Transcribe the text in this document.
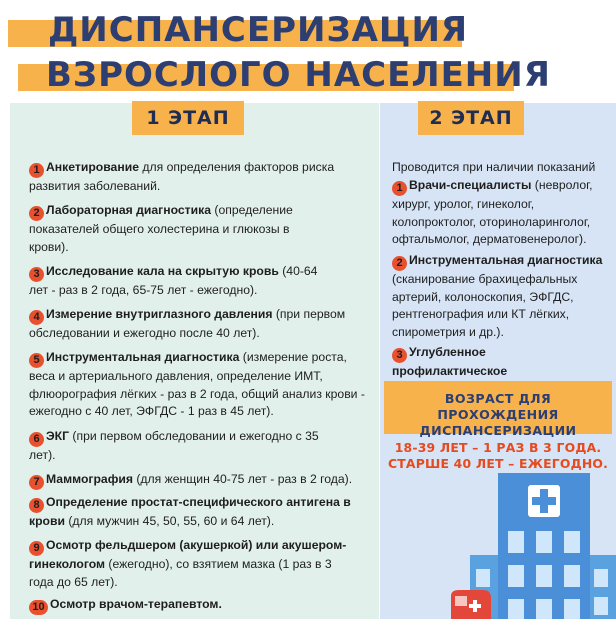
ДИСПАНСЕРИЗАЦИЯ
ВЗРОСЛОГО НАСЕЛЕНИЯ
1 ЭТАП	2 ЭТАП
1 Анкетирование для определения факторов риска развития заболеваний.
2 Лабораторная диагностика (определение показателей общего холестерина и глюкозы в крови).
3 Исследование кала на скрытую кровь (40-64 лет - раз в 2 года, 65-75 лет - ежегодно).
4 Измерение внутриглазного давления (при первом обследовании и ежегодно после 40 лет).
5 Инструментальная диагностика (измерение роста, веса и артериального давления, определение ИМТ, флюорография лёгких - раз в 2 года, общий анализ крови - ежегодно с 40 лет, ЭФГДС - 1 раз в 45 лет).
6 ЭКГ (при первом обследовании и ежегодно с 35 лет).
7 Маммография (для женщин 40-75 лет - раз в 2 года).
8 Определение простат-специфического антигена в крови (для мужчин 45, 50, 55, 60 и 64 лет).
9 Осмотр фельдшером (акушеркой) или акушером-гинекологом (ежегодно), со взятием мазка (1 раз в 3 года до 65 лет).
10 Осмотр врачом-терапевтом.
Проводится при наличии показаний
1 Врачи-специалисты (невролог, хирург, уролог, гинеколог, колопроктолог, оториноларинголог, офтальмолог, дерматовенеролог).
2 Инструментальная диагностика (сканирование брахицефальных артерий, колоноскопия, ЭФГДС, рентгенография или КТ лёгких, спирометрия и др.).
3 Углубленное профилактическое
ВОЗРАСТ ДЛЯ ПРОХОЖДЕНИЯ ДИСПАНСЕРИЗАЦИИ
18-39 ЛЕТ – 1 РАЗ В 3 ГОДА.
СТАРШЕ 40 ЛЕТ – ЕЖЕГОДНО.
